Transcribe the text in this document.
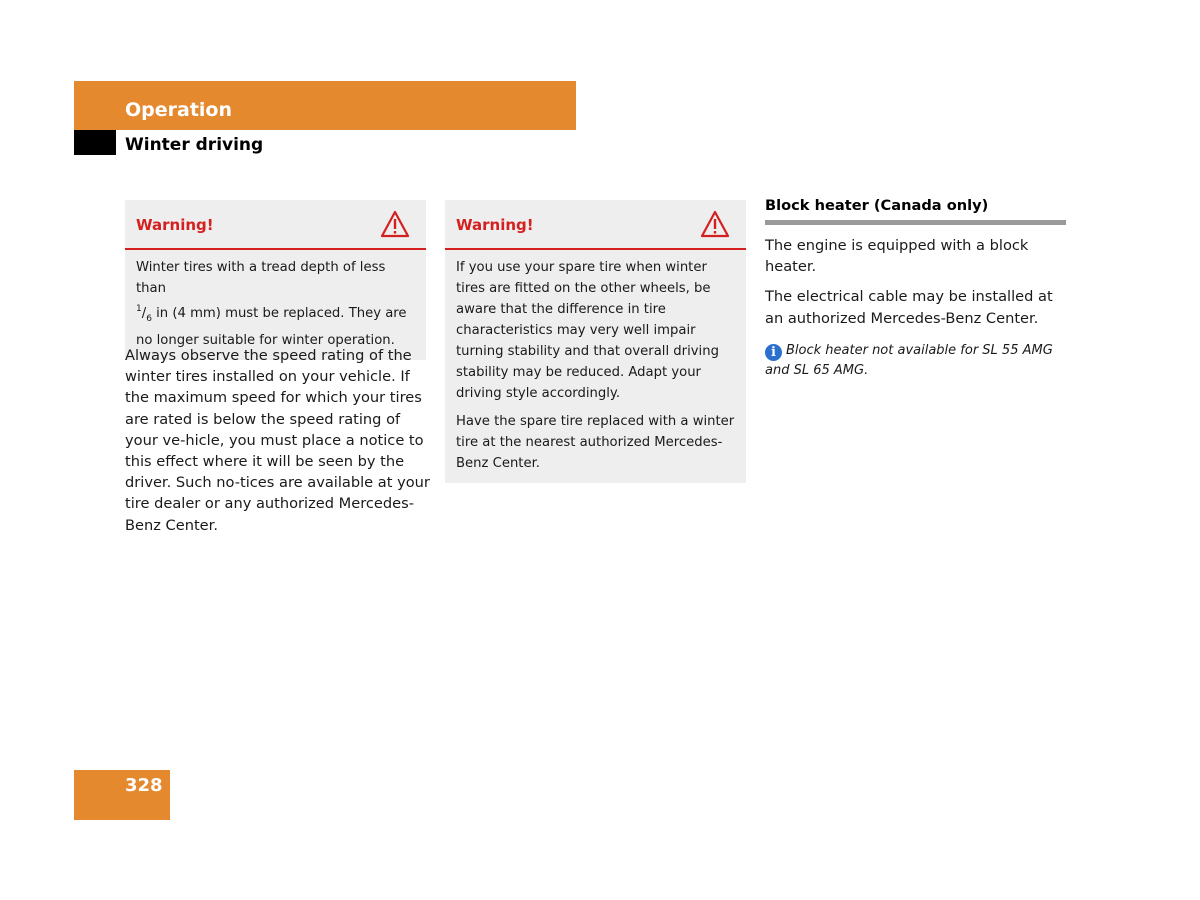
Operation
Winter driving
Warning!

Winter tires with a tread depth of less than
$^1/_6$ in (4 mm) must be replaced. They are no longer suitable for winter operation.

Always observe the speed rating of the winter tires installed on your vehicle. If the maximum speed for which your tires are rated is below the speed rating of your ve-hicle, you must place a notice to this effect where it will be seen by the driver. Such no-tices are available at your tire dealer or any authorized Mercedes-Benz Center.

Warning!

If you use your spare tire when winter tires are fitted on the other wheels, be aware that the difference in tire characteristics may very well impair turning stability and that overall driving stability may be reduced. Adapt your driving style accordingly.

Have the spare tire replaced with a winter tire at the nearest authorized Mercedes-Benz Center.

Block heater (Canada only)

The engine is equipped with a block heater.

The electrical cable may be installed at an authorized Mercedes-Benz Center.

i Block heater not available for SL 55 AMG and SL 65 AMG.
328
